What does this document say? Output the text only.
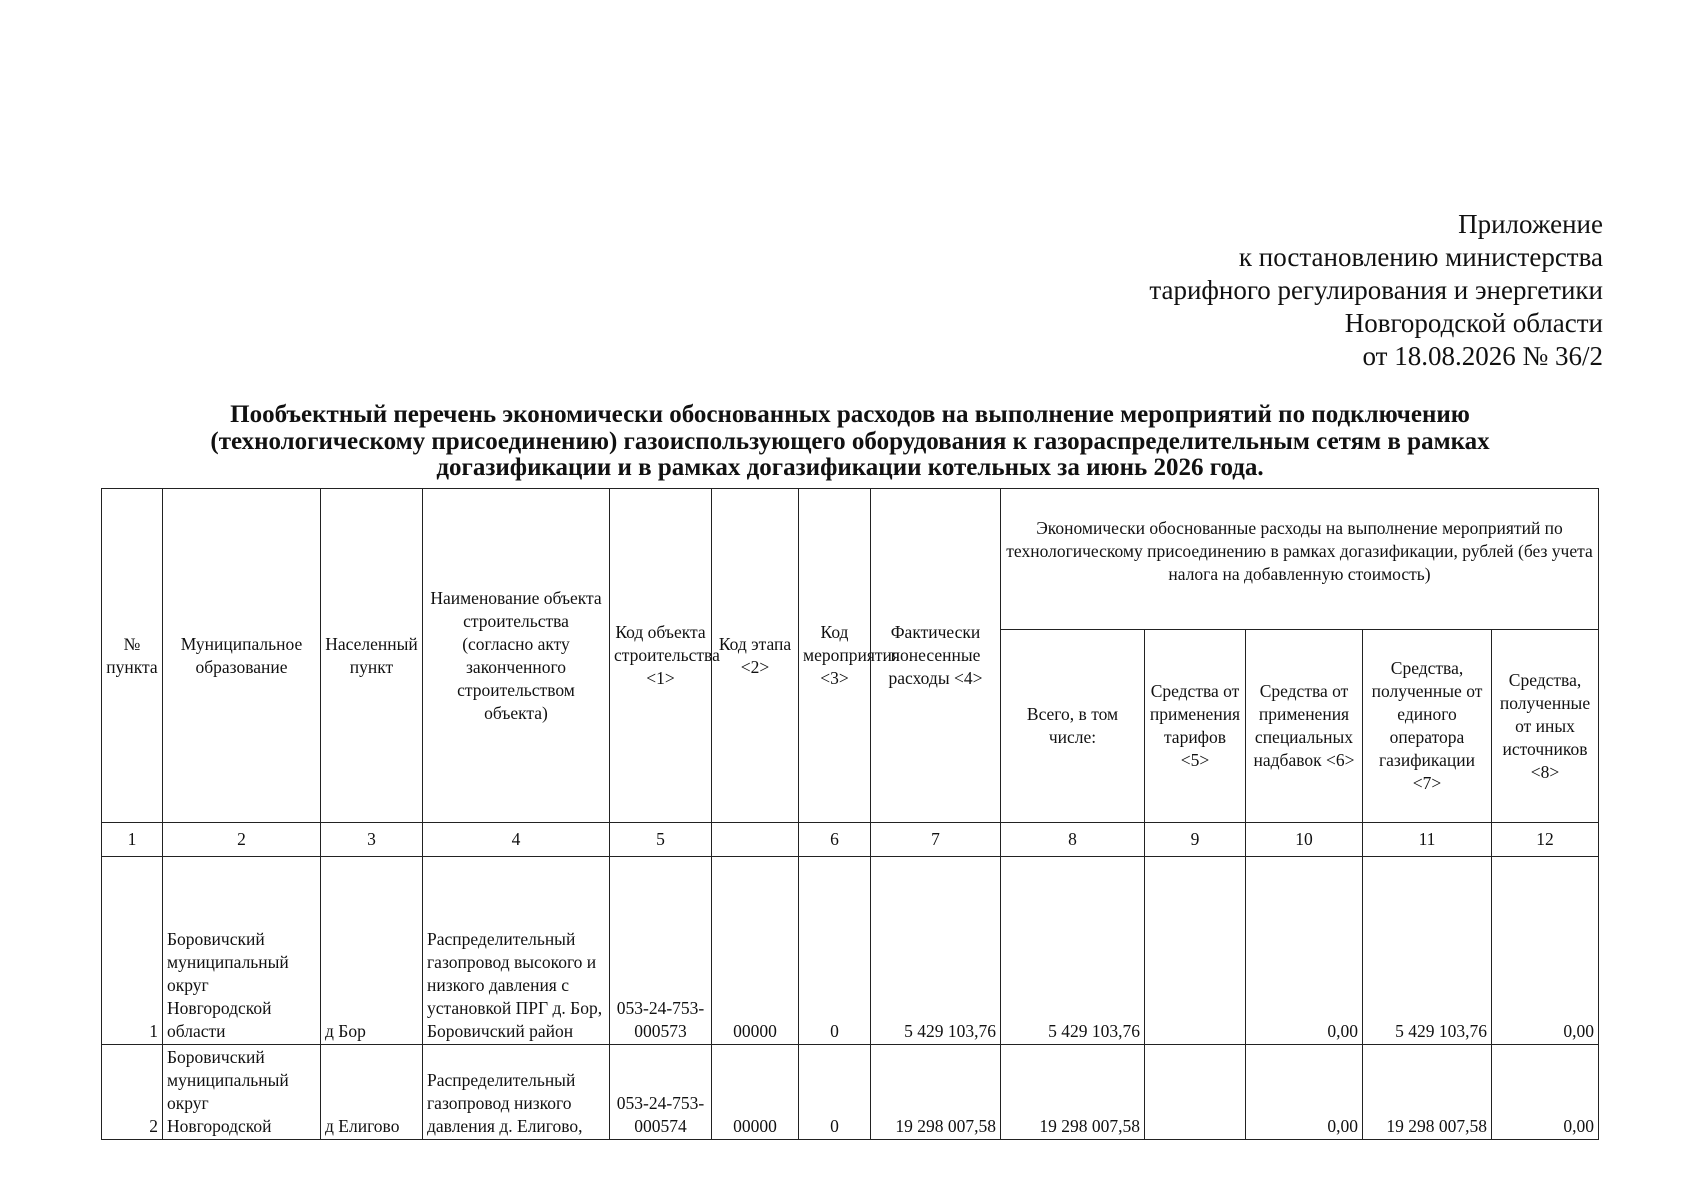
Приложение
к постановлению министерства
тарифного регулирования и энергетики
Новгородской области
от 18.08.2026 № 36/2
Пообъектный перечень экономически обоснованных расходов на выполнение мероприятий по подключению
(технологическому присоединению) газоиспользующего оборудования к газораспределительным сетям в рамках
догазификации и в рамках догазификации котельных за июнь 2026 года.
№ пункта	Муниципальное образование	Населенный пункт	Наименование объекта строительства (согласно акту законченного строительством объекта)	Код объекта строительства <1>	Код этапа <2>	Код мероприятия <3>	Фактически понесенные расходы <4>	Экономически обоснованные расходы на выполнение мероприятий по технологическому присоединению в рамках догазификации, рублей (без учета налога на добавленную стоимость)				
								Всего, в том числе:	Средства от применения тарифов <5>	Средства от применения специальных надбавок <6>	Средства, полученные от единого оператора газификации <7>	Средства, полученные от иных источников <8>
1	2	3	4	5		6	7	8	9	10	11	12
1	Боровичский муниципальный округ Новгородской области	д Бор	Распределительный газопровод высокого и низкого давления с установкой ПРГ д. Бор, Боровичский район	053-24-753-000573	00000	0	5 429 103,76	5 429 103,76		0,00	5 429 103,76	0,00
2	Боровичский муниципальный округ Новгородской	д Елигово	Распределительный газопровод низкого давления д. Елигово,	053-24-753-000574	00000	0	19 298 007,58	19 298 007,58		0,00	19 298 007,58	0,00
